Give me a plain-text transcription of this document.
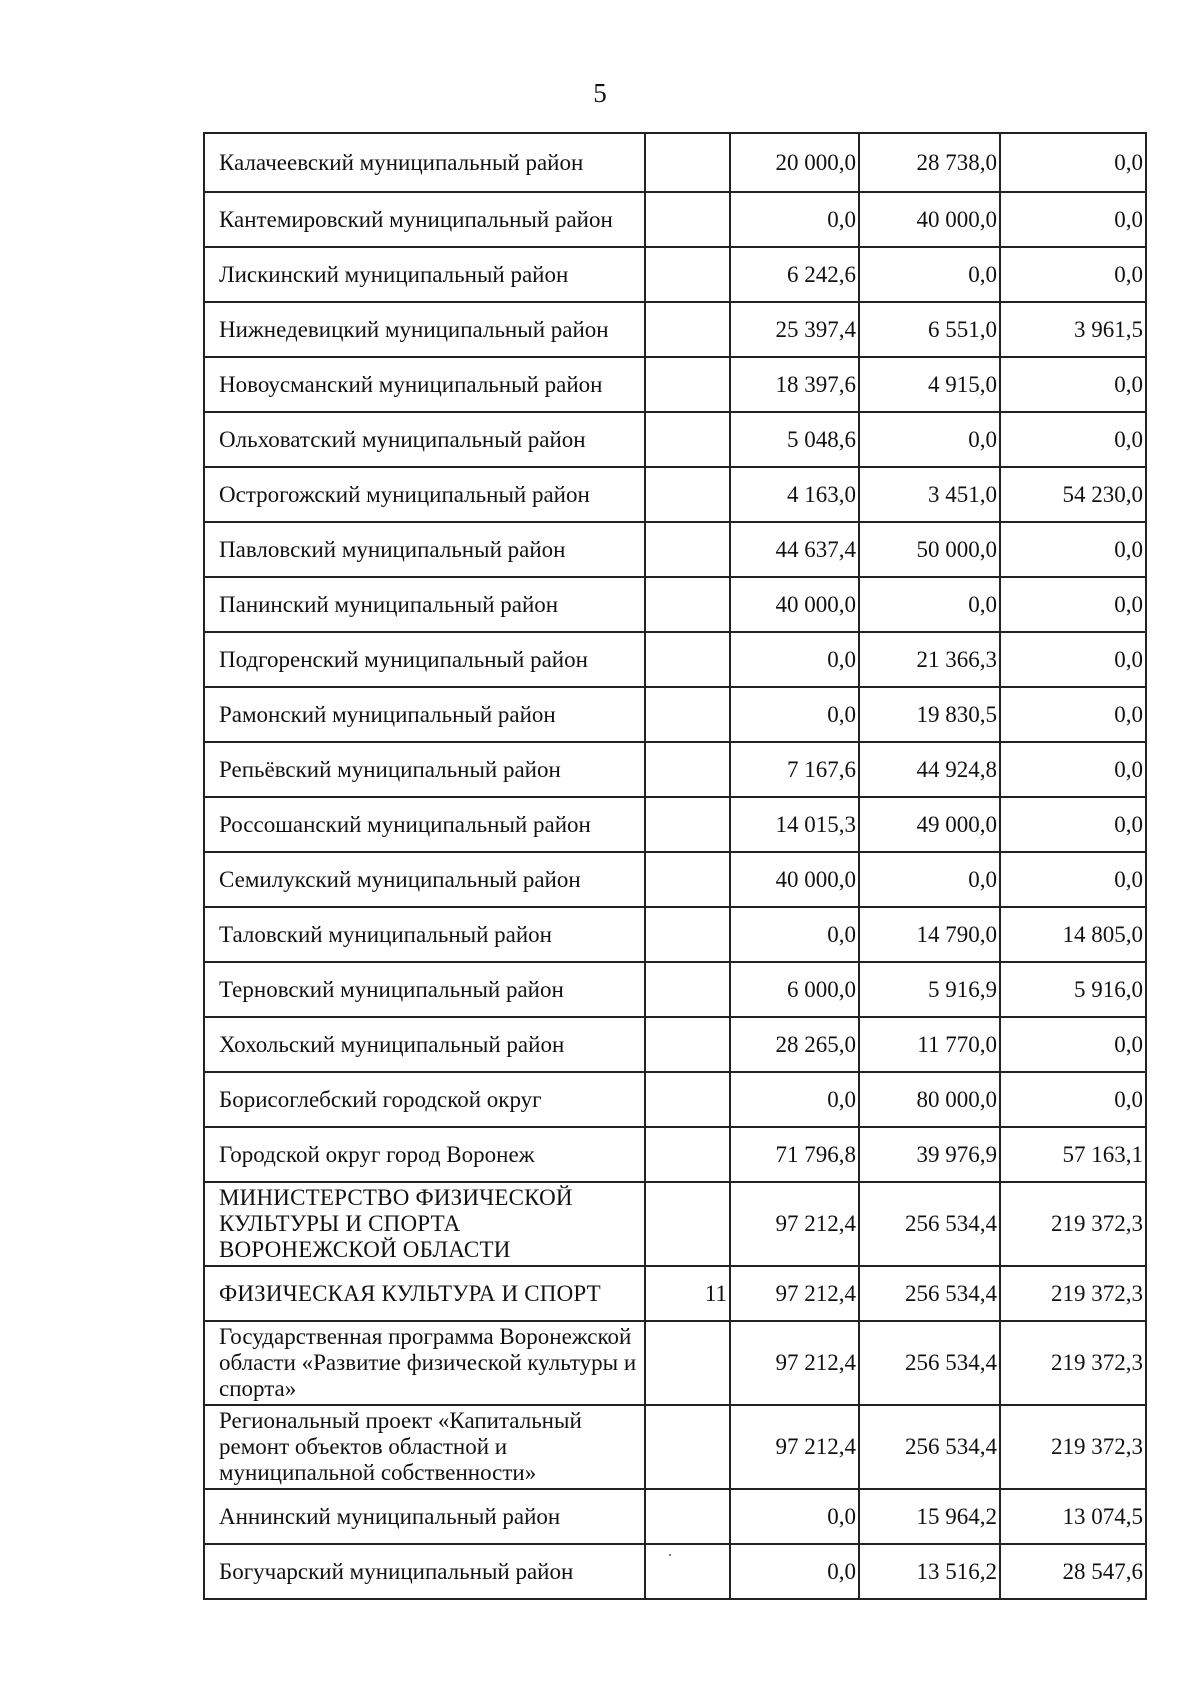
5
Калачеевский муниципальный район		20 000,0	28 738,0	0,0
Кантемировский муниципальный район		0,0	40 000,0	0,0
Лискинский муниципальный район		6 242,6	0,0	0,0
Нижнедевицкий муниципальный район		25 397,4	6 551,0	3 961,5
Новоусманский муниципальный район		18 397,6	4 915,0	0,0
Ольховатский муниципальный район		5 048,6	0,0	0,0
Острогожский муниципальный район		4 163,0	3 451,0	54 230,0
Павловский муниципальный район		44 637,4	50 000,0	0,0
Панинский муниципальный район		40 000,0	0,0	0,0
Подгоренский муниципальный район		0,0	21 366,3	0,0
Рамонский муниципальный район		0,0	19 830,5	0,0
Репьёвский муниципальный район		7 167,6	44 924,8	0,0
Россошанский муниципальный район		14 015,3	49 000,0	0,0
Семилукский муниципальный район		40 000,0	0,0	0,0
Таловский муниципальный район		0,0	14 790,0	14 805,0
Терновский муниципальный район		6 000,0	5 916,9	5 916,0
Хохольский муниципальный район		28 265,0	11 770,0	0,0
Борисоглебский городской округ		0,0	80 000,0	0,0
Городской округ город Воронеж		71 796,8	39 976,9	57 163,1
МИНИСТЕРСТВО ФИЗИЧЕСКОЙ КУЛЬТУРЫ И СПОРТА ВОРОНЕЖСКОЙ ОБЛАСТИ		97 212,4	256 534,4	219 372,3
ФИЗИЧЕСКАЯ КУЛЬТУРА И СПОРТ	11	97 212,4	256 534,4	219 372,3
Государственная программа Воронежской области «Развитие физической культуры и спорта»		97 212,4	256 534,4	219 372,3
Региональный проект «Капитальный ремонт объектов областной и муниципальной собственности»		97 212,4	256 534,4	219 372,3
Аннинский муниципальный район		0,0	15 964,2	13 074,5
Богучарский муниципальный район		0,0	13 516,2	28 547,6
